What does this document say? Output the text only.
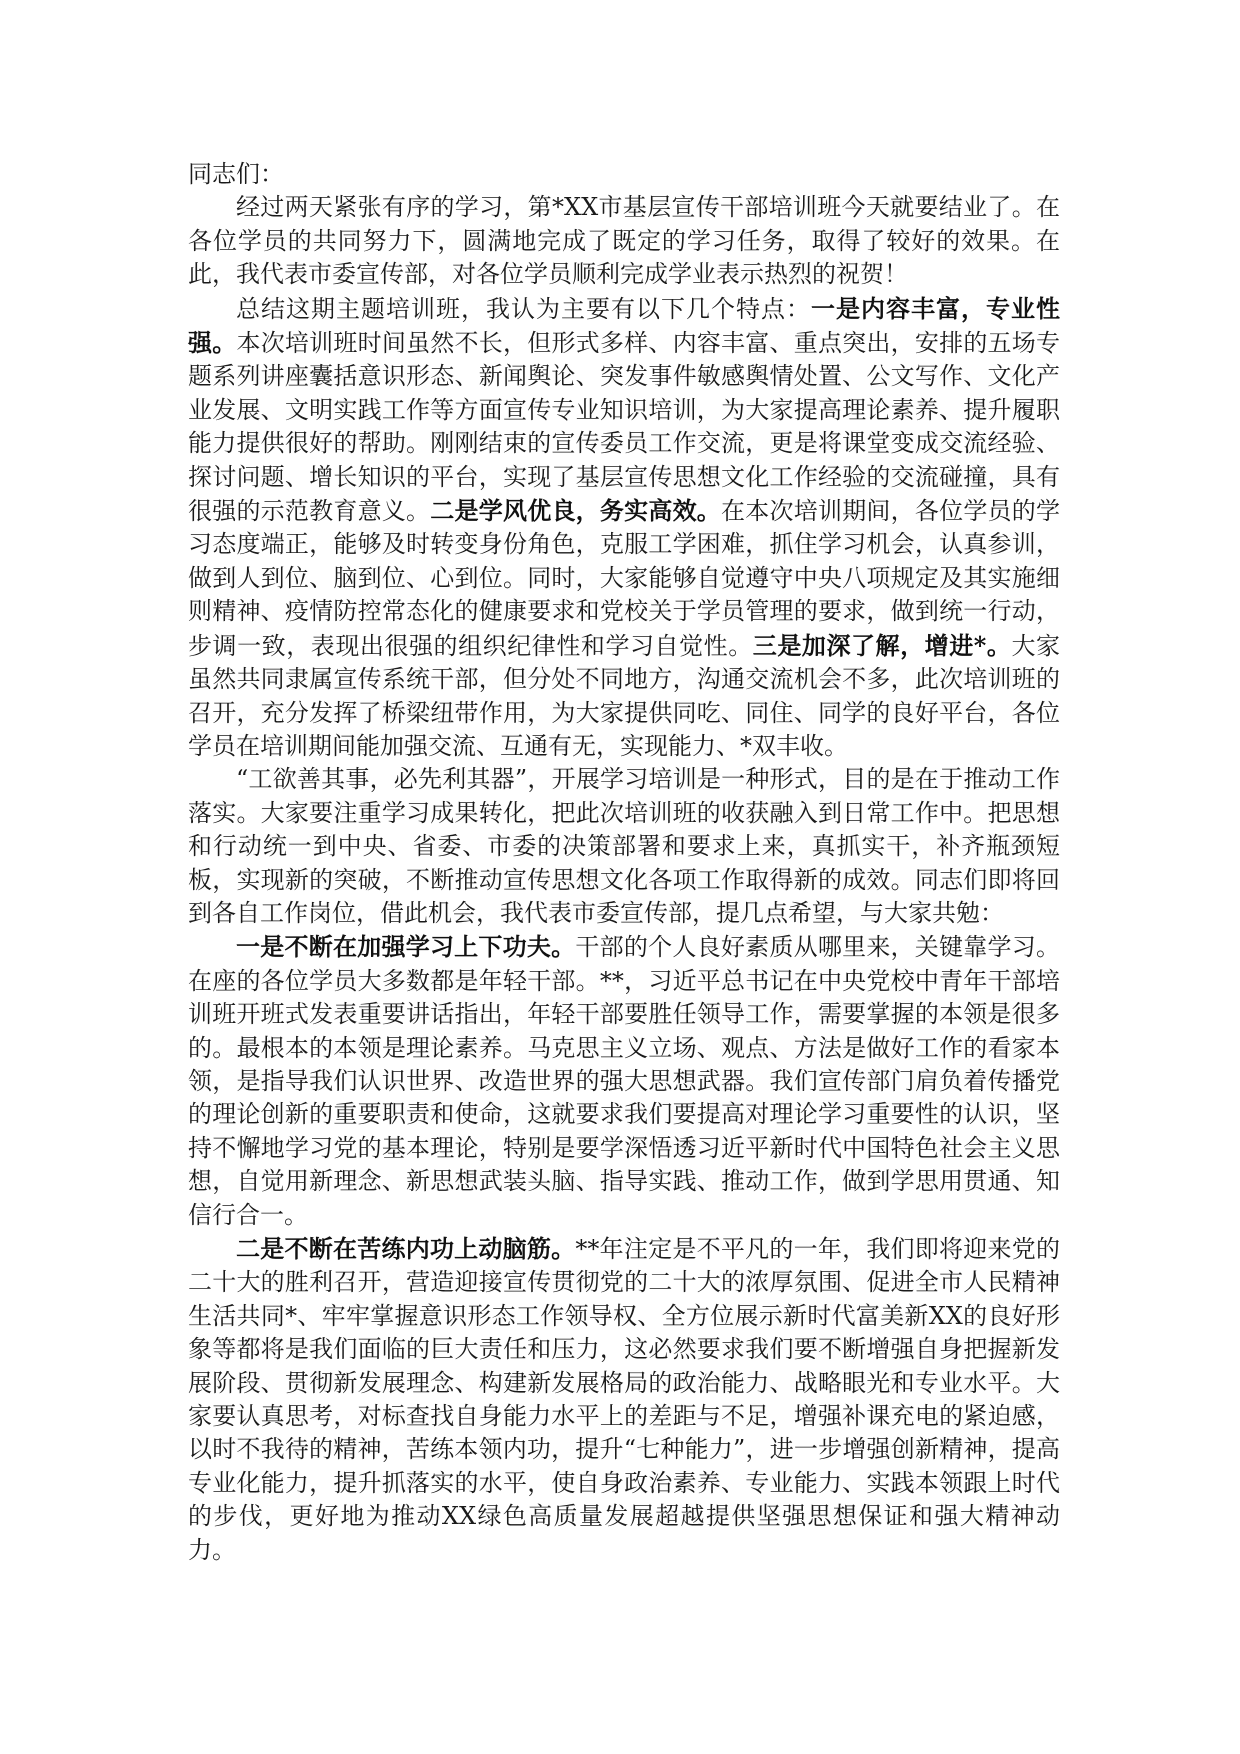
同志们：

经过两天紧张有序的学习，第*XX市基层宣传干部培训班今天就要结业了。在各位学员的共同努力下，圆满地完成了既定的学习任务，取得了较好的效果。在此，我代表市委宣传部，对各位学员顺利完成学业表示热烈的祝贺！

总结这期主题培训班，我认为主要有以下几个特点：一是内容丰富，专业性强。本次培训班时间虽然不长，但形式多样、内容丰富、重点突出，安排的五场专题系列讲座囊括意识形态、新闻舆论、突发事件敏感舆情处置、公文写作、文化产业发展、文明实践工作等方面宣传专业知识培训，为大家提高理论素养、提升履职能力提供很好的帮助。刚刚结束的宣传委员工作交流，更是将课堂变成交流经验、探讨问题、增长知识的平台，实现了基层宣传思想文化工作经验的交流碰撞，具有很强的示范教育意义。二是学风优良，务实高效。在本次培训期间，各位学员的学习态度端正，能够及时转变身份角色，克服工学困难，抓住学习机会，认真参训，做到人到位、脑到位、心到位。同时，大家能够自觉遵守中央八项规定及其实施细则精神、疫情防控常态化的健康要求和党校关于学员管理的要求，做到统一行动，步调一致，表现出很强的组织纪律性和学习自觉性。三是加深了解，增进*。大家虽然共同隶属宣传系统干部，但分处不同地方，沟通交流机会不多，此次培训班的召开，充分发挥了桥梁纽带作用，为大家提供同吃、同住、同学的良好平台，各位学员在培训期间能加强交流、互通有无，实现能力、*双丰收。

“工欲善其事，必先利其器”，开展学习培训是一种形式，目的是在于推动工作落实。大家要注重学习成果转化，把此次培训班的收获融入到日常工作中。把思想和行动统一到中央、省委、市委的决策部署和要求上来，真抓实干，补齐瓶颈短板，实现新的突破，不断推动宣传思想文化各项工作取得新的成效。同志们即将回到各自工作岗位，借此机会，我代表市委宣传部，提几点希望，与大家共勉：

一是不断在加强学习上下功夫。干部的个人良好素质从哪里来，关键靠学习。在座的各位学员大多数都是年轻干部。**，习近平总书记在中央党校中青年干部培训班开班式发表重要讲话指出，年轻干部要胜任领导工作，需要掌握的本领是很多的。最根本的本领是理论素养。马克思主义立场、观点、方法是做好工作的看家本领，是指导我们认识世界、改造世界的强大思想武器。我们宣传部门肩负着传播党的理论创新的重要职责和使命，这就要求我们要提高对理论学习重要性的认识，坚持不懈地学习党的基本理论，特别是要学深悟透习近平新时代中国特色社会主义思想，自觉用新理念、新思想武装头脑、指导实践、推动工作，做到学思用贯通、知信行合一。

二是不断在苦练内功上动脑筋。**年注定是不平凡的一年，我们即将迎来党的二十大的胜利召开，营造迎接宣传贯彻党的二十大的浓厚氛围、促进全市人民精神生活共同*、牢牢掌握意识形态工作领导权、全方位展示新时代富美新XX的良好形象等都将是我们面临的巨大责任和压力，这必然要求我们要不断增强自身把握新发展阶段、贯彻新发展理念、构建新发展格局的政治能力、战略眼光和专业水平。大家要认真思考，对标查找自身能力水平上的差距与不足，增强补课充电的紧迫感，以时不我待的精神，苦练本领内功，提升“七种能力”，进一步增强创新精神，提高专业化能力，提升抓落实的水平，使自身政治素养、专业能力、实践本领跟上时代的步伐，更好地为推动XX绿色高质量发展超越提供坚强思想保证和强大精神动力。
